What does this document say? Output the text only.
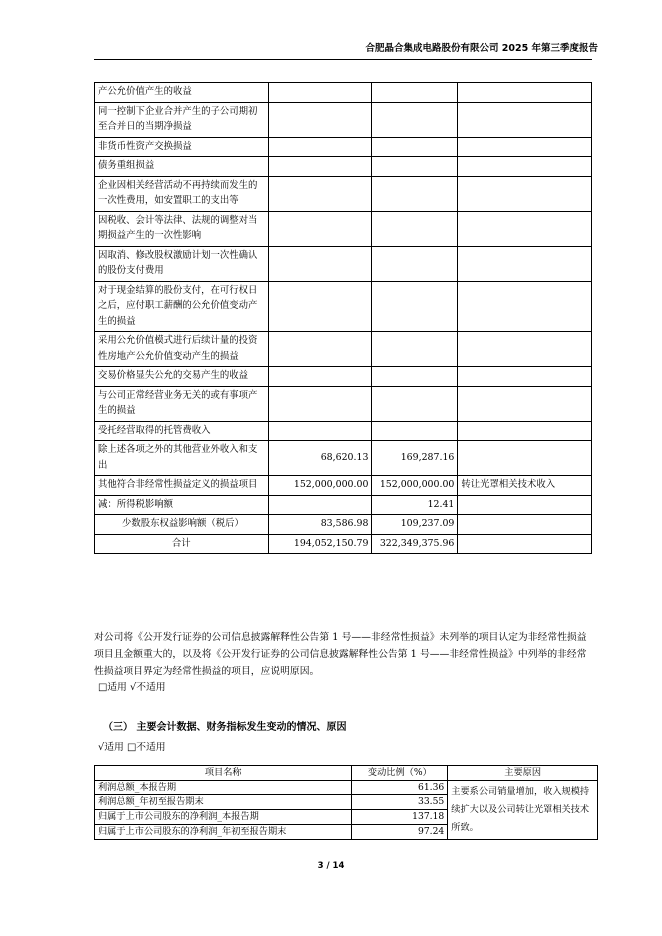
合肥晶合集成电路股份有限公司 2025 年第三季度报告
产公允价值产生的收益			
同一控制下企业合并产生的子公司期初至合并日的当期净损益			
非货币性资产交换损益			
债务重组损益			
企业因相关经营活动不再持续而发生的一次性费用，如安置职工的支出等			
因税收、会计等法律、法规的调整对当期损益产生的一次性影响			
因取消、修改股权激励计划一次性确认的股份支付费用			
对于现金结算的股份支付，在可行权日之后，应付职工薪酬的公允价值变动产生的损益			
采用公允价值模式进行后续计量的投资性房地产公允价值变动产生的损益			
交易价格显失公允的交易产生的收益			
与公司正常经营业务无关的或有事项产生的损益			
受托经营取得的托管费收入			
除上述各项之外的其他营业外收入和支出	68,620.13	169,287.16	
其他符合非经常性损益定义的损益项目	152,000,000.00	152,000,000.00	转让光罩相关技术收入
减：所得税影响额		12.41	
少数股东权益影响额（税后）	83,586.98	109,237.09	
合计	194,052,150.79	322,349,375.96	
对公司将《公开发行证券的公司信息披露解释性公告第 1 号——非经常性损益》未列举的项目认定为非经常性损益项目且金额重大的，以及将《公开发行证券的公司信息披露解释性公告第 1 号——非经常性损益》中列举的非经常性损益项目界定为经常性损益的项目，应说明原因。
□适用 √不适用
（三） 主要会计数据、财务指标发生变动的情况、原因
√适用 □不适用
项目名称	变动比例（%）	主要原因
利润总额_本报告期	61.36	主要系公司销量增加，收入规模持续扩大以及公司转让光罩相关技术所致。
利润总额_年初至报告期末	33.55	
归属于上市公司股东的净利润_本报告期	137.18	
归属于上市公司股东的净利润_年初至报告期末	97.24	
3 / 14
